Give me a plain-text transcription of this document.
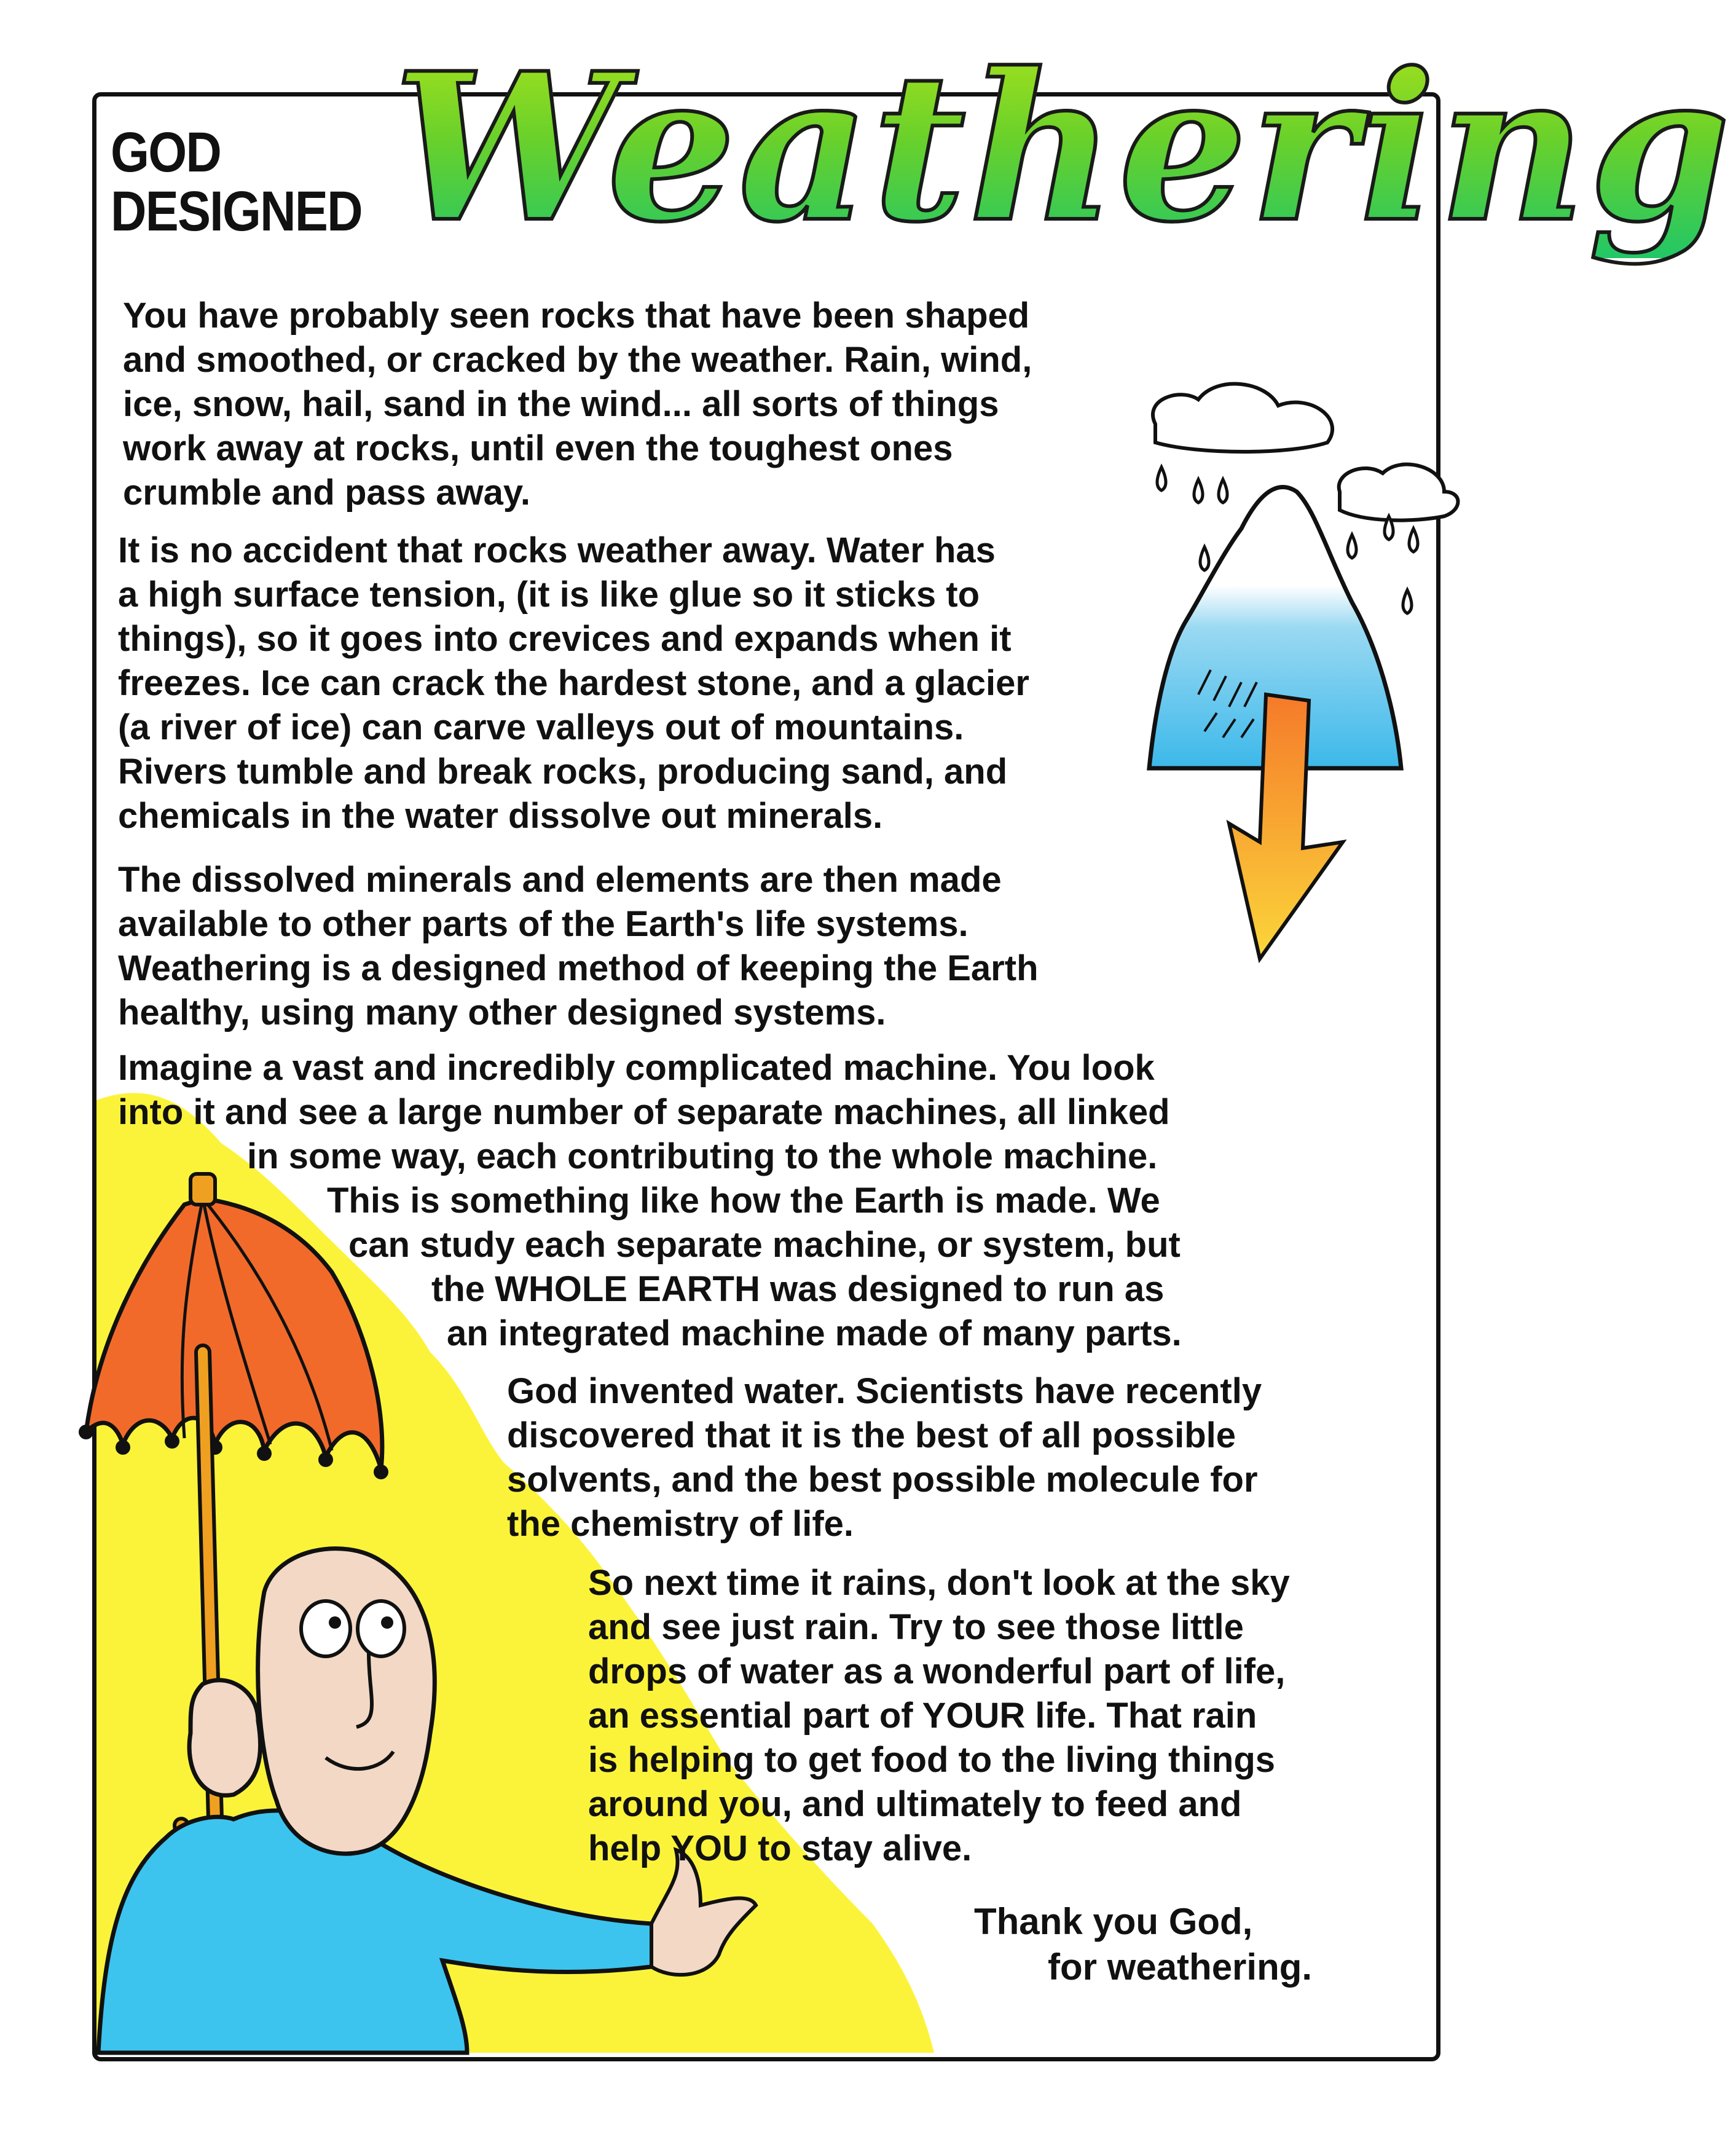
GOD
DESIGNED Weathering
You have probably seen rocks that have been shaped
and smoothed, or cracked by the weather. Rain, wind,
ice, snow, hail, sand in the wind... all sorts of things
work away at rocks, until even the toughest ones
crumble and pass away.
It is no accident that rocks weather away. Water has
a high surface tension, (it is like glue so it sticks to
things), so it goes into crevices and expands when it
freezes. Ice can crack the hardest stone, and a glacier
(a river of ice) can carve valleys out of mountains.
Rivers tumble and break rocks, producing sand, and
chemicals in the water dissolve out minerals.
The dissolved minerals and elements are then made
available to other parts of the Earth's life systems.
Weathering is a designed method of keeping the Earth
healthy, using many other designed systems.
Imagine a vast and incredibly complicated machine. You look
into it and see a large number of separate machines, all linked
in some way, each contributing to the whole machine.
This is something like how the Earth is made. We
can study each separate machine, or system, but
the WHOLE EARTH was designed to run as
an integrated machine made of many parts.
God invented water. Scientists have recently
discovered that it is the best of all possible
solvents, and the best possible molecule for
the chemistry of life.
So next time it rains, don't look at the sky
and see just rain. Try to see those little
drops of water as a wonderful part of life,
an essential part of YOUR life. That rain
is helping to get food to the living things
around you, and ultimately to feed and
help YOU to stay alive.
Thank you God,
for weathering.
